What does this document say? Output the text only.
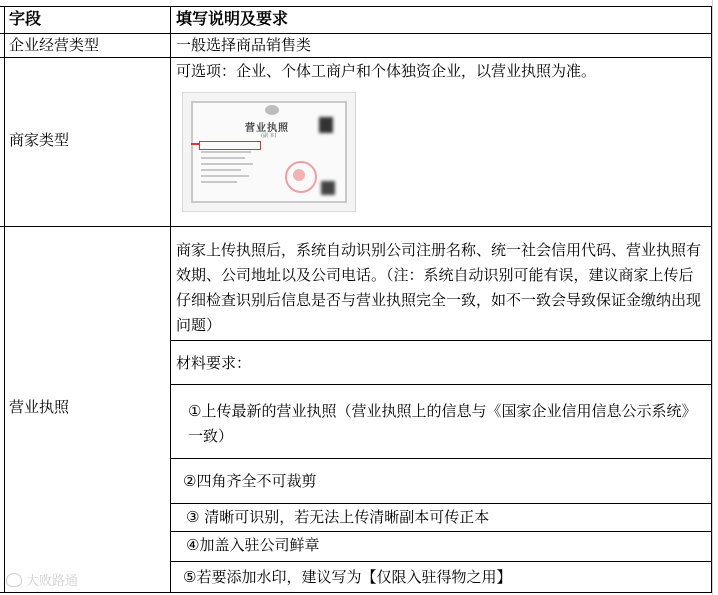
字段	填写说明及要求
企业经营类型	一般选择商品销售类
商家类型
可选项：企业、个体工商户和个体独资企业，以营业执照为准。
营业执照
(副 本)
营业执照
商家上传执照后，系统自动识别公司注册名称、统一社会信用代码、营业执照有效期、公司地址以及公司电话。（注：系统自动识别可能有误，建议商家上传后仔细检查识别后信息是否与营业执照完全一致，如不一致会导致保证金缴纳出现问题）
材料要求：
①上传最新的营业执照（营业执照上的信息与《国家企业信用信息公示系统》一致）
②四角齐全不可裁剪
③ 清晰可识别，若无法上传清晰副本可传正本
④加盖入驻公司鲜章
⑤若要添加水印，建议写为【仅限入驻得物之用】
大败路通
